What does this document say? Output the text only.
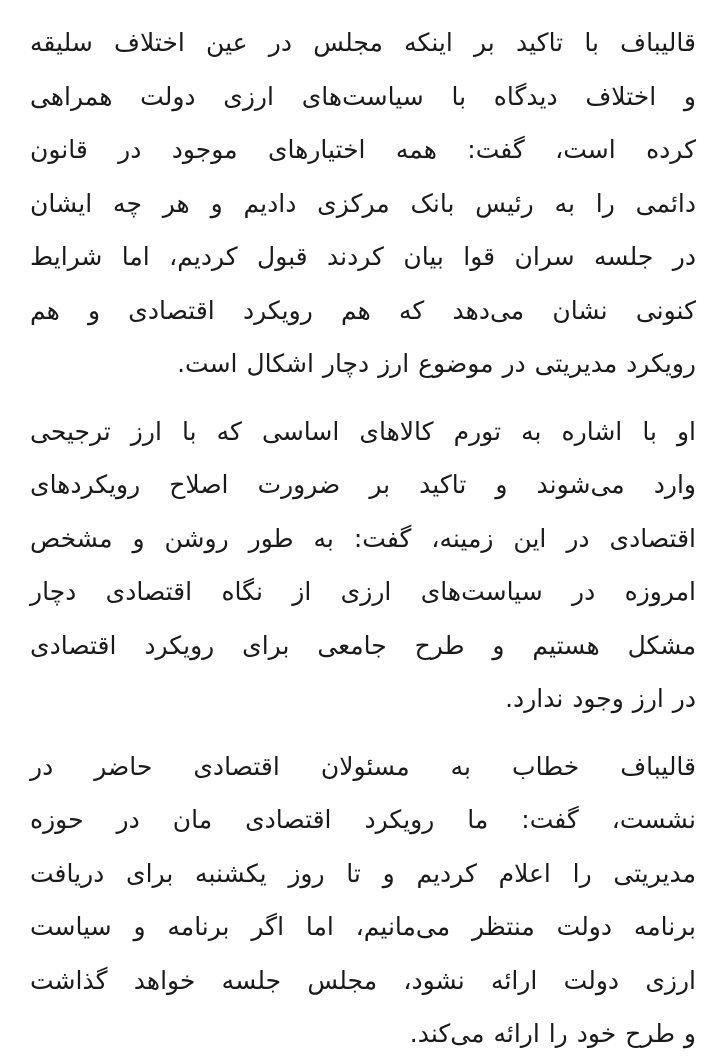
قالیباف با تاکید بر اینکه مجلس در عین اختلاف سلیقه
و اختلاف دیدگاه با سیاست‌های ارزی دولت همراهی
کرده است، گفت: همه اختیارهای موجود در قانون
دائمی را به رئیس بانک مرکزی دادیم و هر چه ایشان
در جلسه سران قوا بیان کردند قبول کردیم، اما شرایط
کنونی نشان می‌دهد که هم رویکرد اقتصادی و هم
رویکرد مدیریتی در موضوع ارز دچار اشکال است.

او با اشاره به تورم کالاهای اساسی که با ارز ترجیحی
وارد می‌شوند و تاکید بر ضرورت اصلاح رویکردهای
اقتصادی در این زمینه، گفت: به طور روشن و مشخص
امروزه در سیاست‌های ارزی از نگاه اقتصادی دچار
مشکل هستیم و طرح جامعی برای رویکرد اقتصادی
در ارز وجود ندارد.

قالیباف خطاب به مسئولان اقتصادی حاضر در
نشست، گفت: ما رویکرد اقتصادی مان در حوزه
مدیریتی را اعلام کردیم و تا روز یکشنبه برای دریافت
برنامه دولت منتظر می‌مانیم، اما اگر برنامه و سیاست
ارزی دولت ارائه نشود، مجلس جلسه خواهد گذاشت
و طرح خود را ارائه می‌کند.
